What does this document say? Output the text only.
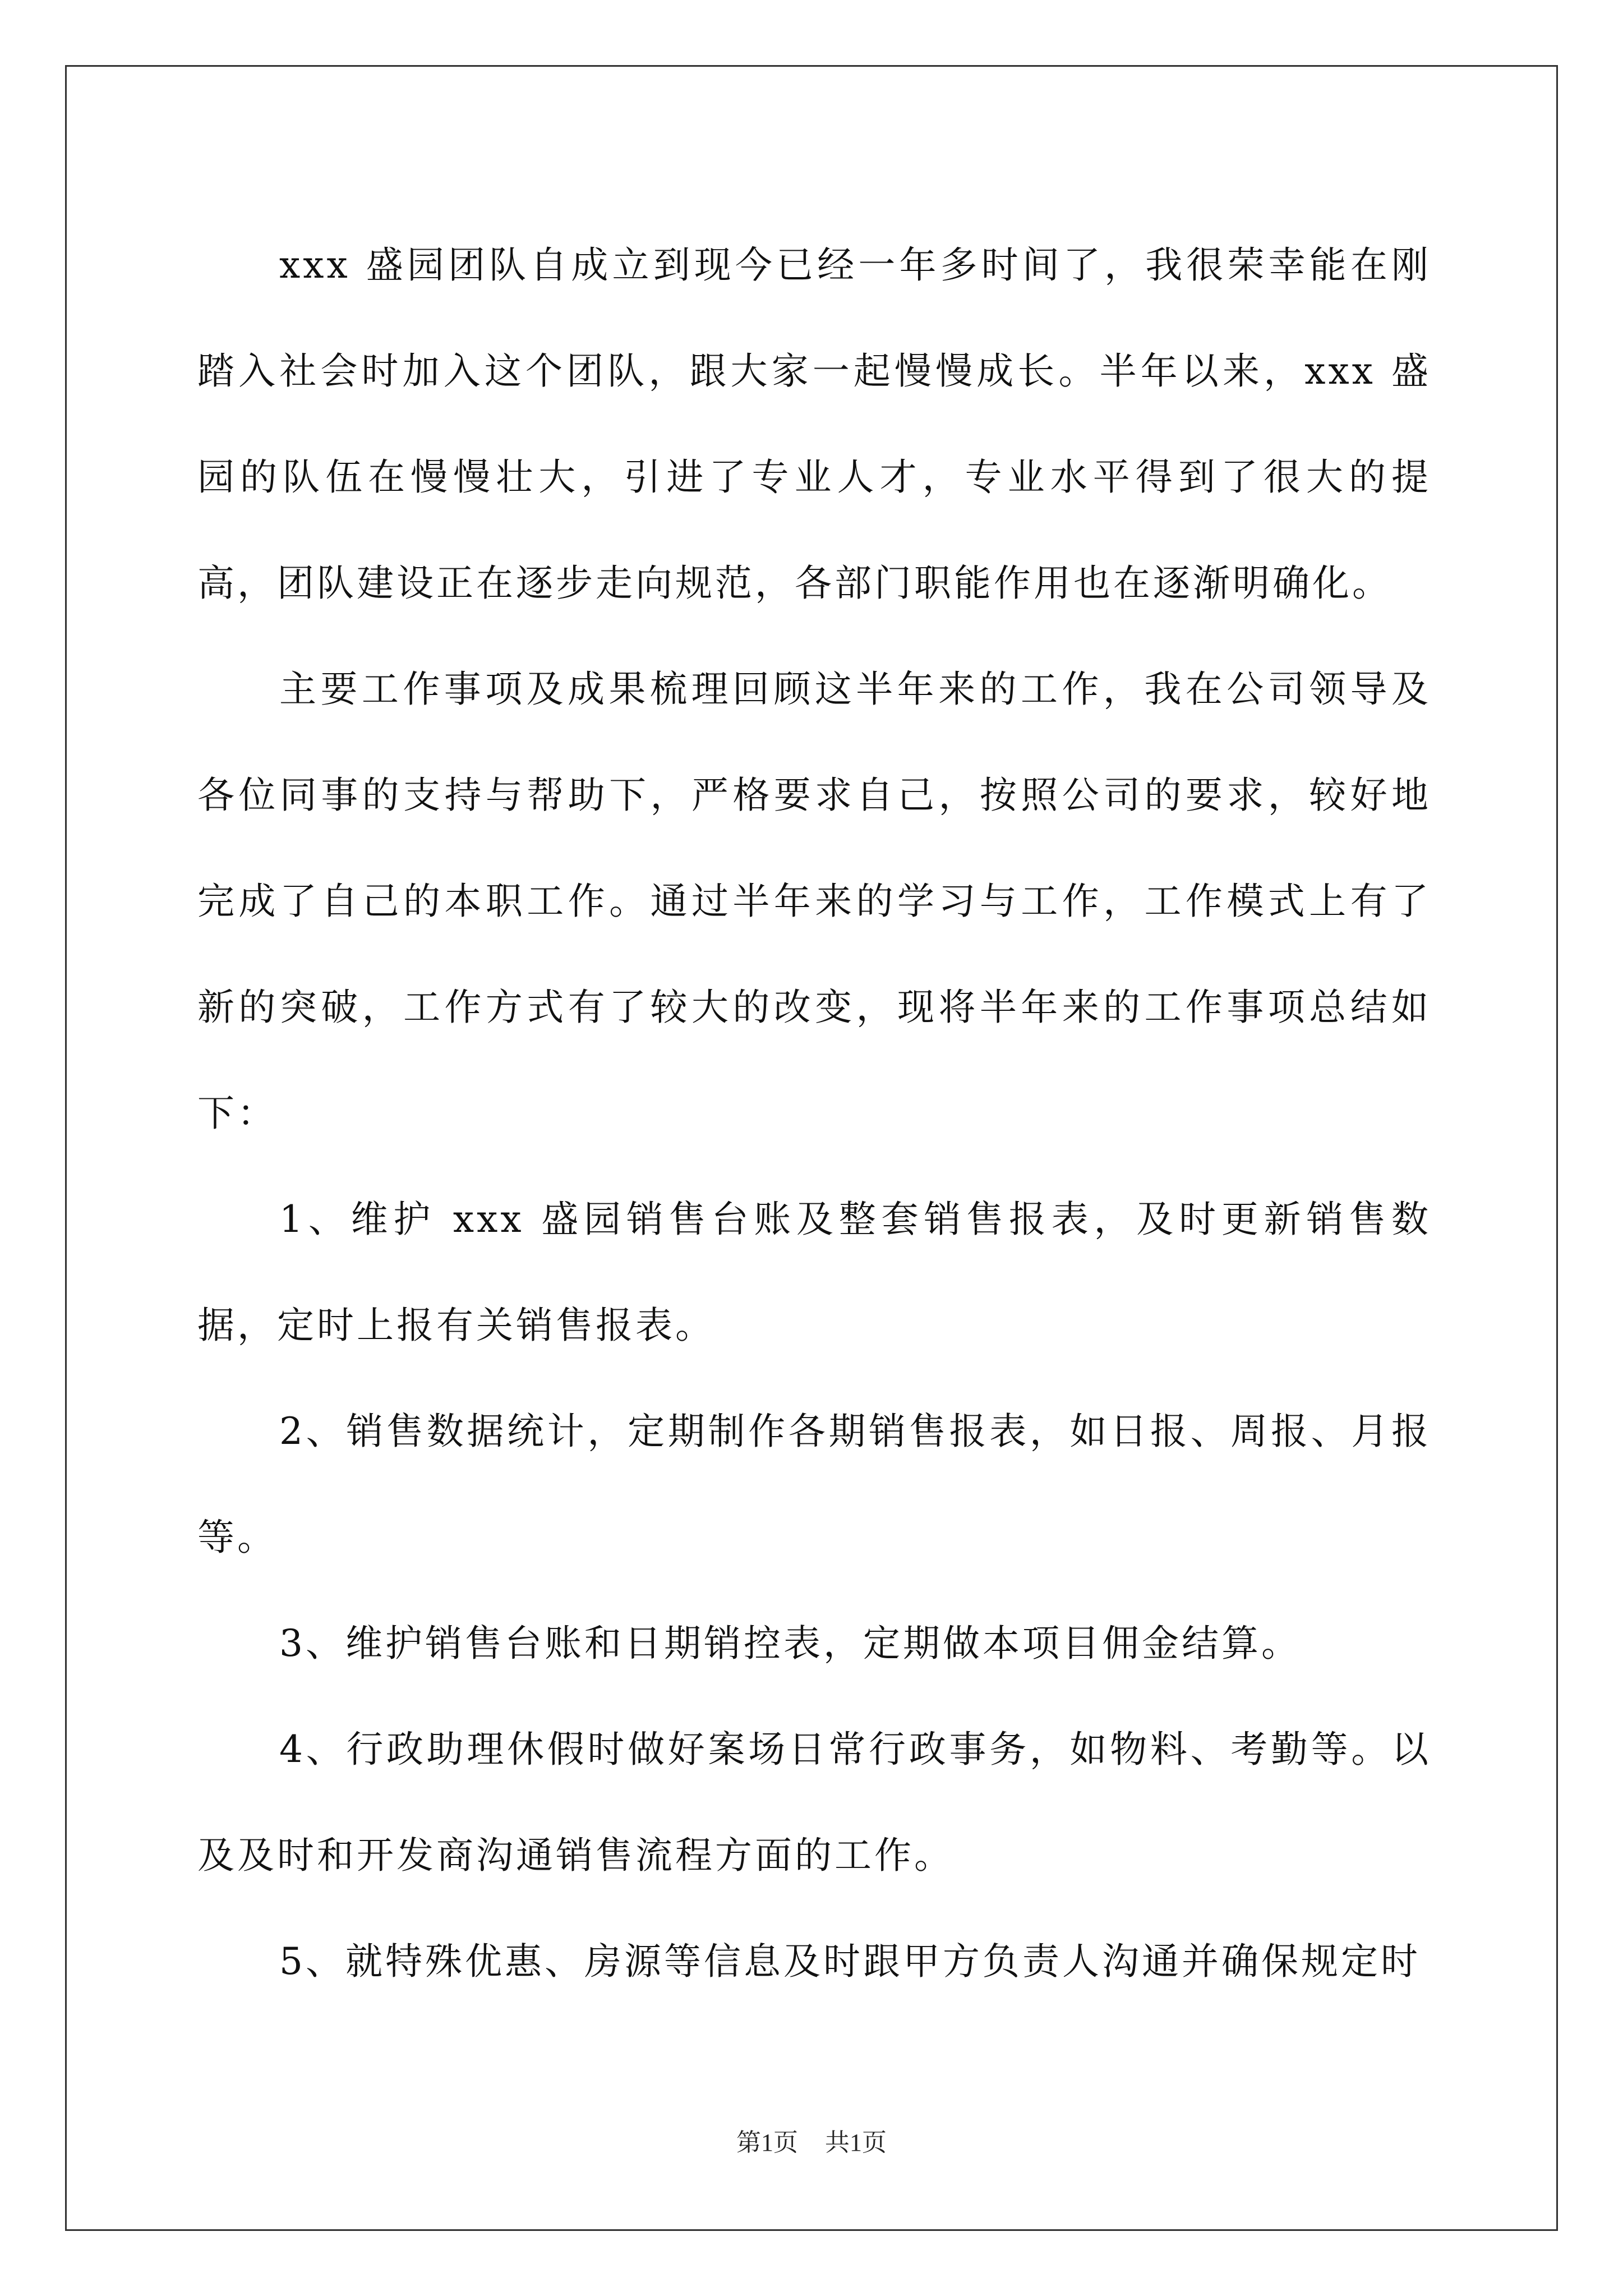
xxx 盛园团队自成立到现今已经一年多时间了，我很荣幸能在刚踏入社会时加入这个团队，跟大家一起慢慢成长。半年以来，xxx 盛园的队伍在慢慢壮大，引进了专业人才，专业水平得到了很大的提高，团队建设正在逐步走向规范，各部门职能作用也在逐渐明确化。

主要工作事项及成果梳理回顾这半年来的工作，我在公司领导及各位同事的支持与帮助下，严格要求自己，按照公司的要求，较好地完成了自己的本职工作。通过半年来的学习与工作，工作模式上有了新的突破，工作方式有了较大的改变，现将半年来的工作事项总结如下：

1、维护 xxx 盛园销售台账及整套销售报表，及时更新销售数据，定时上报有关销售报表。

2、销售数据统计，定期制作各期销售报表，如日报、周报、月报等。

3、维护销售台账和日期销控表，定期做本项目佣金结算。

4、行政助理休假时做好案场日常行政事务，如物料、考勤等。以及及时和开发商沟通销售流程方面的工作。

5、就特殊优惠、房源等信息及时跟甲方负责人沟通并确保规定时

第1页 共1页
